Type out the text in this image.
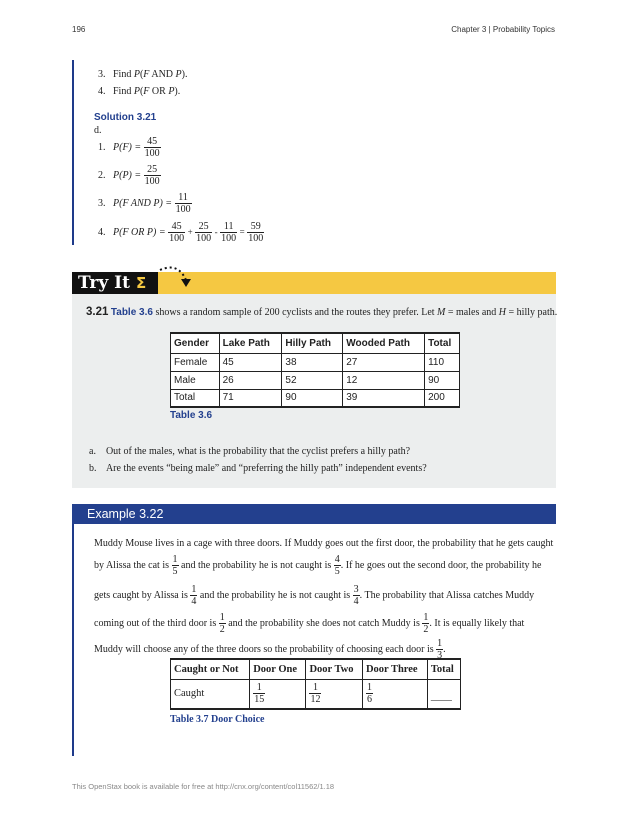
196	Chapter 3 | Probability Topics
3. Find P(F AND P).
4. Find P(F OR P).
Solution 3.21
d.
1.
P(F) =
$\frac{45}{100}$
2.
P(P) =
$\frac{25}{100}$
3.
P(F AND P) =
$\frac{11}{100}$
4.
P(F OR P) =
$\frac{45}{100}$
+
$\frac{25}{100}$
-
$\frac{11}{100}$
=
$\frac{59}{100}$
Try It Σ
3.21 Table 3.6 shows a random sample of 200 cyclists and the routes they prefer. Let M = males and H = hilly path.
Gender	Lake Path	Hilly Path	Wooded Path	Total
Female	45	38	27	110
Male	26	52	12	90
Total	71	90	39	200
Table 3.6
a. Out of the males, what is the probability that the cyclist prefers a hilly path?
b. Are the events “being male” and “preferring the hilly path” independent events?
Example 3.22
Muddy Mouse lives in a cage with three doors. If Muddy goes out the first door, the probability that he gets caught
by Alissa the cat is
$\frac{1}{5}$
and the probability he is not caught is
$\frac{4}{5}$ . If he goes out the second door, the probability he
gets caught by Alissa is
$\frac{1}{4}$
and the probability he is not caught is
$\frac{3}{4}$ . The probability that Alissa catches Muddy
coming out of the third door is
$\frac{1}{2}$
and the probability she does not catch Muddy is
$\frac{1}{2}$ . It is equally likely that
Muddy will choose any of the three doors so the probability of choosing each door is
$\frac{1}{3}$ .
Caught or Not	Door One	Door Two	Door Three	Total
Caught	$\frac{1}{15}$	$\frac{1}{12}$	$\frac{1}{6}$	____
Table 3.7 Door Choice
This OpenStax book is available for free at http://cnx.org/content/col11562/1.18
